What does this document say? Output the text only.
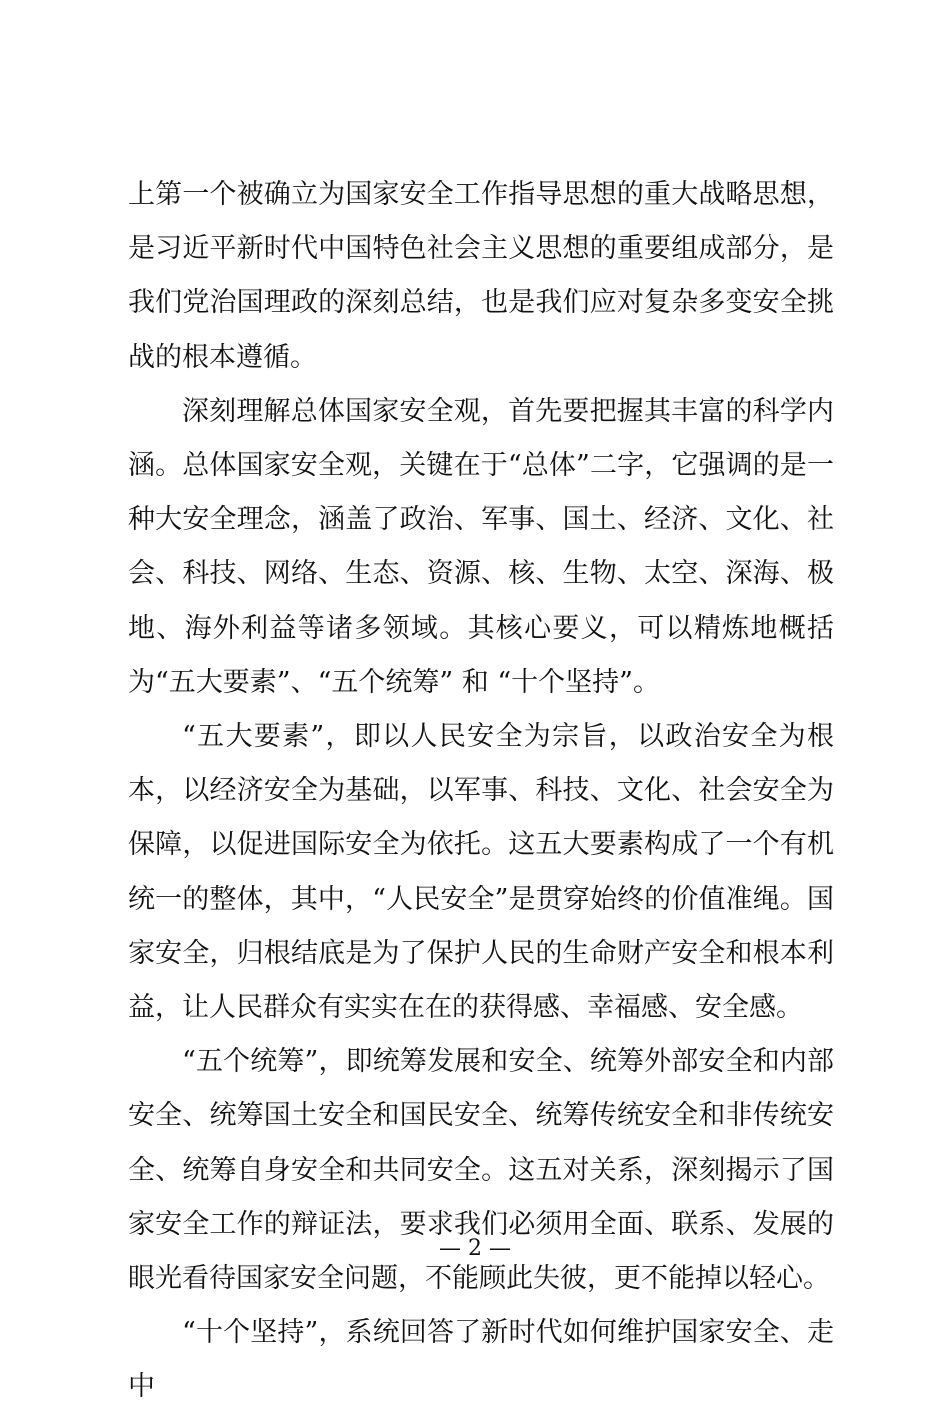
上第一个被确立为国家安全工作指导思想的重大战略思想，是习近平新时代中国特色社会主义思想的重要组成部分，是我们党治国理政的深刻总结，也是我们应对复杂多变安全挑战的根本遵循。

深刻理解总体国家安全观，首先要把握其丰富的科学内涵。总体国家安全观，关键在于“总体”二字，它强调的是一种大安全理念，涵盖了政治、军事、国土、经济、文化、社会、科技、网络、生态、资源、核、生物、太空、深海、极地、海外利益等诸多领域。其核心要义，可以精炼地概括为“五大要素”、“五个统筹” 和 “十个坚持”。

“五大要素”，即以人民安全为宗旨，以政治安全为根本，以经济安全为基础，以军事、科技、文化、社会安全为保障，以促进国际安全为依托。这五大要素构成了一个有机统一的整体，其中，“人民安全”是贯穿始终的价值准绳。国家安全，归根结底是为了保护人民的生命财产安全和根本利益，让人民群众有实实在在的获得感、幸福感、安全感。

“五个统筹”，即统筹发展和安全、统筹外部安全和内部安全、统筹国土安全和国民安全、统筹传统安全和非传统安全、统筹自身安全和共同安全。这五对关系，深刻揭示了国家安全工作的辩证法，要求我们必须用全面、联系、发展的眼光看待国家安全问题，不能顾此失彼，更不能掉以轻心。

“十个坚持”，系统回答了新时代如何维护国家安全、走中

— 2 —
